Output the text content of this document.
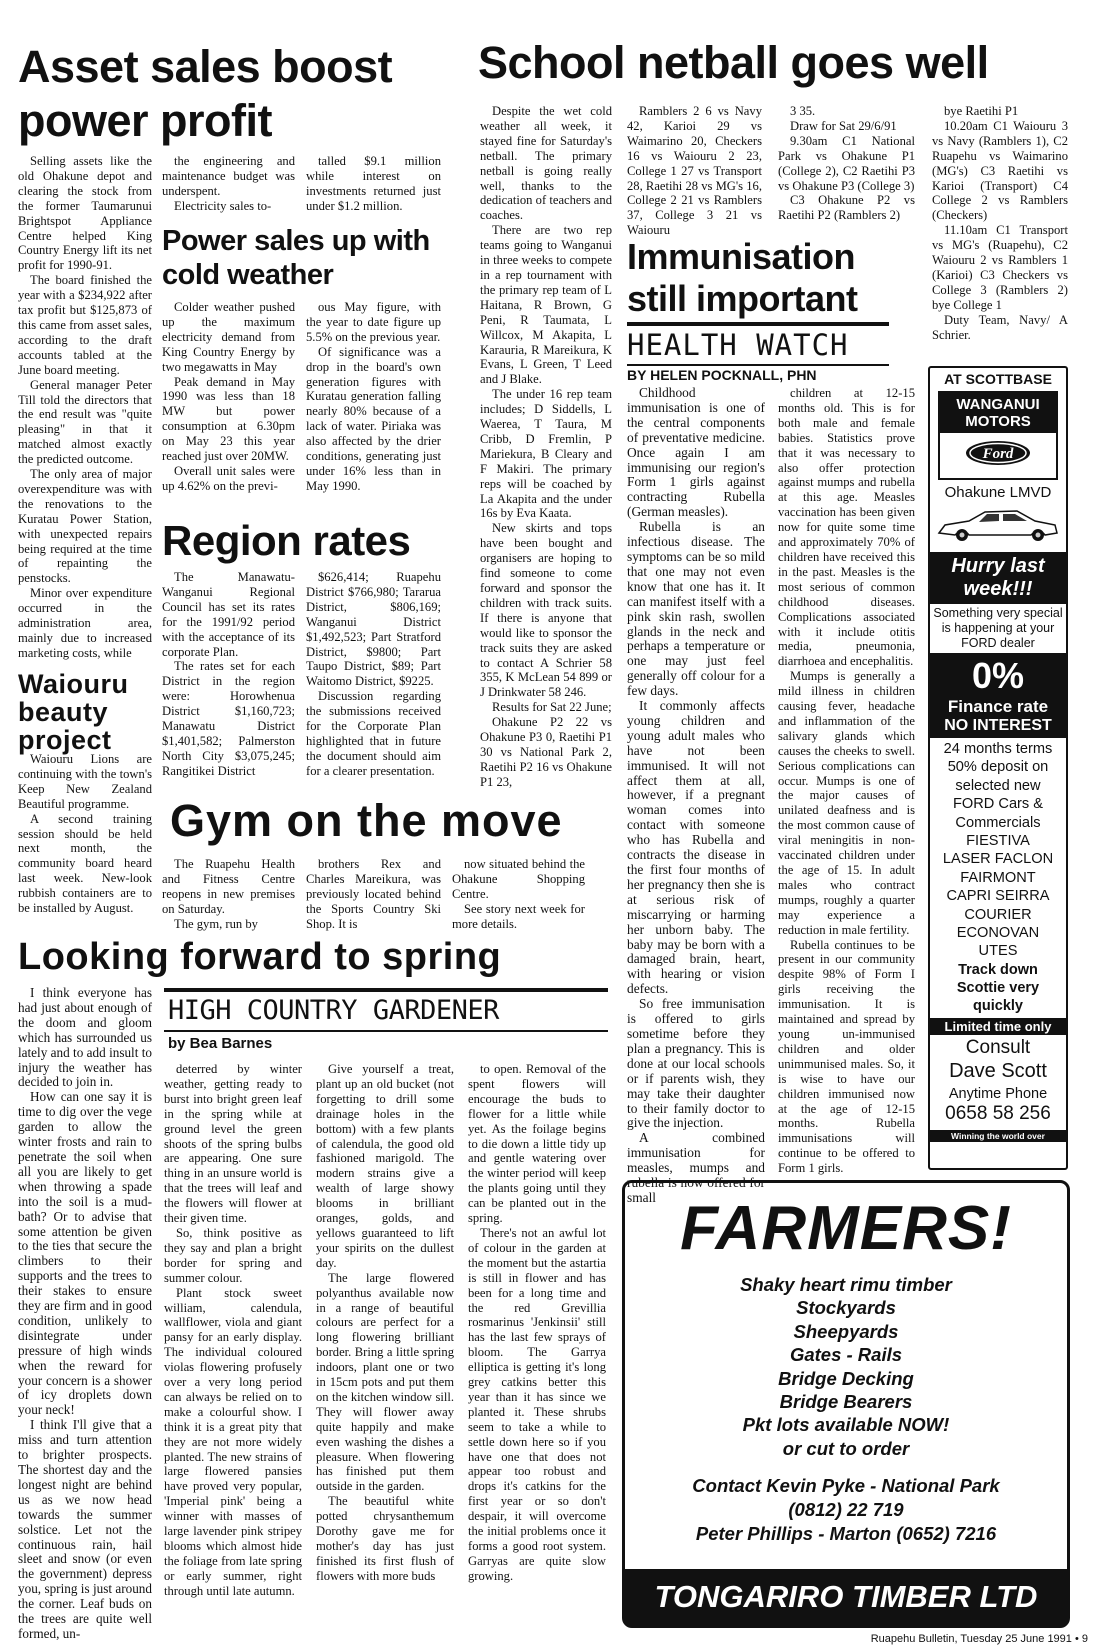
Asset sales boost power profit

Selling assets like the old Ohakune depot and clearing the stock from the former Taumarunui Brightspot Appliance Centre helped King Country Energy lift its net profit for 1990-91.

The board finished the year with a $234,922 after tax profit but $125,873 of this came from asset sales, according to the draft accounts tabled at the June board meeting.

General manager Peter Till told the directors that the end result was "quite pleasing" in that it matched almost exactly the predicted outcome.

The only area of major overexpenditure was with the renovations to the Kuratau Power Station, with unexpected repairs being required at the time of repainting the penstocks.

Minor over expenditure occurred in the administration area, mainly due to increased marketing costs, while

the engineering and maintenance budget was underspent.

Electricity sales to-

talled $9.1 million while interest on investments returned just under $1.2 million.

Power sales up with cold weather

Colder weather pushed up the maximum electricity demand from King Country Energy by two megawatts in May

Peak demand in May 1990 was less than 18 MW but power consumption at 6.30pm on May 23 this year reached just over 20MW.

Overall unit sales were up 4.62% on the previ-

ous May figure, with the year to date figure up 5.5% on the previous year.

Of significance was a drop in the board's own generation figures with Kuratau generation falling nearly 80% because of a lack of water. Piriaka was also affected by the drier conditions, generating just under 16% less than in May 1990.

Region rates

The Manawatu-Wanganui Regional Council has set its rates for the 1991/92 period with the acceptance of its corporate Plan.

The rates set for each District in the region were: Horowhenua District $1,160,723; Manawatu District $1,401,582; Palmerston North City $3,075,245; Rangitikei District

$626,414; Ruapehu District $766,980; Tararua District, $806,169; Wanganui District $1,492,523; Part Stratford District, $9800; Part Taupo District, $89; Part Waitomo District, $9225.

Discussion regarding the submissions received for the Corporate Plan highlighted that in future the document should aim for a clearer presentation.

Waiouru beauty project

Waiouru Lions are continuing with the town's Keep New Zealand Beautiful programme.

A second training session should be held next month, the community board heard last week. New-look rubbish containers are to be installed by August.

Gym on the move

The Ruapehu Health and Fitness Centre reopens in new premises on Saturday.

The gym, run by

brothers Rex and Charles Mareikura, was previously located behind the Sports Country Ski Shop. It is

now situated behind the Ohakune Shopping Centre.

See story next week for more details.

School netball goes well

Despite the wet cold weather all week, it stayed fine for Saturday's netball. The primary netball is going really well, thanks to the dedication of teachers and coaches.

There are two rep teams going to Wanganui in three weeks to compete in a rep tournament with the primary rep team of L Haitana, R Brown, G Peni, R Taumata, L Willcox, M Akapita, L Karauria, R Mareikura, K Evans, L Green, T Leed and J Blake.

The under 16 rep team includes; D Siddells, L Waerea, T Taura, M Cribb, D Fremlin, P Mariekura, B Cleary and F Makiri. The primary reps will be coached by La Akapita and the under 16s by Eva Kaata.

New skirts and tops have been bought and organisers are hoping to find someone to come forward and sponsor the children with track suits. If there is anyone that would like to sponsor the track suits they are asked to contact A Schrier 58 355, K McLean 54 899 or J Drinkwater 58 246.

Results for Sat 22 June;

Ohakune P2 22 vs Ohakune P3 0, Raetihi P1 30 vs National Park 2, Raetihi P2 16 vs Ohakune P1 23,

Ramblers 2 6 vs Navy 42, Karioi 29 vs Waimarino 20, Checkers 16 vs Waiouru 2 23, College 1 27 vs Transport 28, Raetihi 28 vs MG's 16, College 2 21 vs Ramblers 37, College 3 21 vs Waiouru

3 35.

Draw for Sat 29/6/91

9.30am C1 National Park vs Ohakune P1 (College 2), C2 Raetihi P3 vs Ohakune P3 (College 3)

C3 Ohakune P2 vs Raetihi P2 (Ramblers 2)

bye Raetihi P1

10.20am C1 Waiouru 3 vs Navy (Ramblers 1), C2 Ruapehu vs Waimarino (MG's) C3 Raetihi vs Karioi (Transport) C4 College 2 vs Ramblers (Checkers)

11.10am C1 Transport vs MG's (Ruapehu), C2 Waiouru 2 vs Ramblers 1 (Karioi) C3 Checkers vs College 3 (Ramblers 2) bye College 1

Duty Team, Navy/ A Schrier.

Immunisation still important
HEALTH WATCH
BY HELEN POCKNALL, PHN

Childhood immunisation is one of the central components of preventative medicine. Once again I am immunising our region's Form 1 girls against contracting Rubella (German measles).

Rubella is an infectious disease. The symptoms can be so mild that one may not even know that one has it. It can manifest itself with a pink skin rash, swollen glands in the neck and perhaps a temperature or one may just feel generally off colour for a few days.

It commonly affects young children and young adult males who have not been immunised. It will not affect them at all, however, if a pregnant woman comes into contact with someone who has Rubella and contracts the disease in the first four months of her pregnancy then she is at serious risk of miscarrying or harming her unborn baby. The baby may be born with a damaged brain, heart, with hearing or vision defects.

So free immunisation is offered to girls sometime before they plan a pregnancy. This is done at our local schools or if parents wish, they may take their daughter to their family doctor to give the injection.

A combined immunisation for measles, mumps and rubella is now offered for small

children at 12-15 months old. This is for both male and female babies. Statistics prove that it was necessary to also offer protection against mumps and rubella at this age. Measles vaccination has been given now for quite some time and approximately 70% of children have received this in the past. Measles is the most serious of common childhood diseases. Complications associated with it include otitis media, pneumonia, diarrhoea and encephalitis.

Mumps is generally a mild illness in children causing fever, headache and inflammation of the salivary glands which causes the cheeks to swell. Serious complications can occur. Mumps is one of the major causes of unilated deafness and is the most common cause of viral meningitis in non-vaccinated children under the age of 15. In adult males who contract mumps, roughly a quarter may experience a reduction in male fertility.

Rubella continues to be present in our community despite 98% of Form I girls receiving the immunisation. It is maintained and spread by young un-immunised children and older unimmunised males. So, it is wise to have our children immunised now at the age of 12-15 months. Rubella immunisations will continue to be offered to Form 1 girls.

Looking forward to spring

I think everyone has had just about enough of the doom and gloom which has surrounded us lately and to add insult to injury the weather has decided to join in.

How can one say it is time to dig over the vege garden to allow the winter frosts and rain to penetrate the soil when all you are likely to get when throwing a spade into the soil is a mud-bath? Or to advise that some attention be given to the ties that secure the climbers to their supports and the trees to their stakes to ensure they are firm and in good condition, unlikely to disintegrate under pressure of high winds when the reward for your concern is a shower of icy droplets down your neck!

I think I'll give that a miss and turn attention to brighter prospects. The shortest day and the longest night are behind us as we now head towards the summer solstice. Let not the continuous rain, hail sleet and snow (or even the government) depress you, spring is just around the corner. Leaf buds on the trees are quite well formed, un-

HIGH COUNTRY GARDENER
by Bea Barnes

deterred by winter weather, getting ready to burst into bright green leaf in the spring while at ground level the green shoots of the spring bulbs are appearing. One sure thing in an unsure world is that the trees will leaf and the flowers will flower at their given time.

So, think positive as they say and plan a bright border for spring and summer colour.

Plant stock sweet william, calendula, wallflower, viola and giant pansy for an early display. The individual coloured violas flowering profusely over a very long period can always be relied on to make a colourful show. I think it is a great pity that they are not more widely planted. The new strains of large flowered pansies have proved very popular, 'Imperial pink' being a winner with masses of large lavender pink stripey blooms which almost hide the foliage from late spring or early summer, right through until late autumn.

Give yourself a treat, plant up an old bucket (not forgetting to drill some drainage holes in the bottom) with a few plants of calendula, the good old fashioned marigold. The modern strains give a wealth of large showy blooms in brilliant oranges, golds, and yellows guaranteed to lift your spirits on the dullest day.

The large flowered polyanthus available now in a range of beautiful colours are perfect for a long flowering brilliant border. Bring a little spring indoors, plant one or two in 15cm pots and put them on the kitchen window sill. They will flower away quite happily and make even washing the dishes a pleasure. When flowering has finished put them outside in the garden.

The beautiful white potted chrysanthemum Dorothy gave me for mother's day has just finished its first flush of flowers with more buds

to open. Removal of the spent flowers will encourage the buds to flower for a little while yet. As the foilage begins to die down a little tidy up and gentle watering over the winter period will keep the plants going until they can be planted out in the spring.

There's not an awful lot of colour in the garden at the moment but the astartia is still in flower and has been for a long time and the red Grevillia rosmarinus 'Jenkinsii' still has the last few sprays of bloom. The Garrya elliptica is getting it's long grey catkins better this year than it has since we planted it. These shrubs seem to take a while to settle down here so if you have one that does not appear too robust and drops it's catkins for the first year or so don't despair, it will overcome the initial problems once it forms a good root system. Garryas are quite slow growing.

AT SCOTTBASE
WANGANUI MOTORS
Ford
Ohakune LMVD
Hurry last week!!!
Something very special is happening at your FORD dealer
0%
Finance rate
NO INTEREST
24 months terms
50% deposit on
selected new
FORD Cars &
Commercials
FIESTIVA
LASER FACLON
FAIRMONT
CAPRI SEIRRA
COURIER
ECONOVAN
UTES
Track down Scottie very quickly
Limited time only
Consult
Dave Scott
Anytime Phone
0658 58 256
Winning the world over
FARMERS!
Shaky heart rimu timber
Stockyards
Sheepyards
Gates - Rails
Bridge Decking
Bridge Bearers
Pkt lots available NOW!
or cut to order
Contact Kevin Pyke - National Park
(0812) 22 719
Peter Phillips - Marton (0652) 7216
TONGARIRO TIMBER LTD
Ruapehu Bulletin, Tuesday 25 June 1991 • 9
